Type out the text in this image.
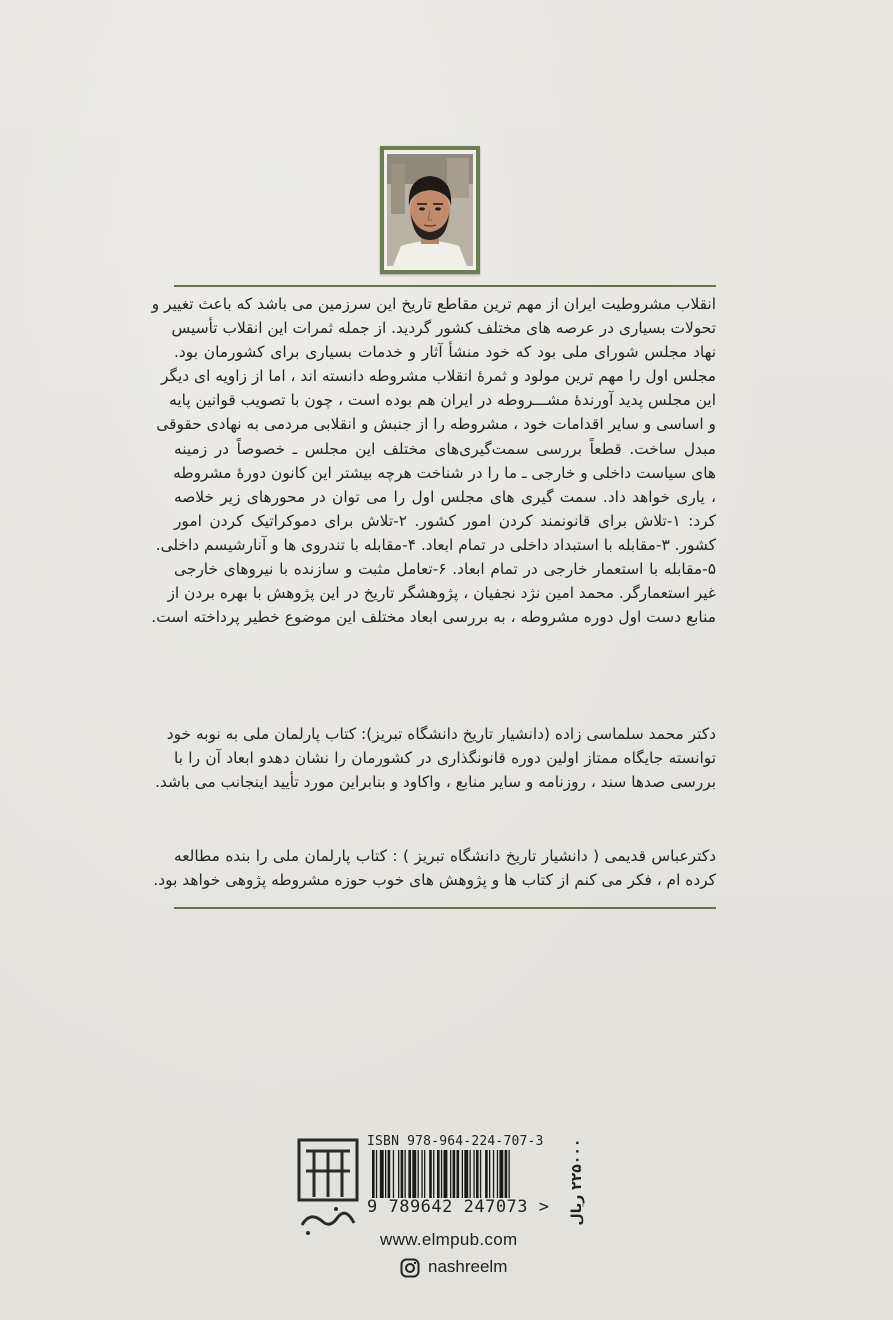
انقلاب مشروطیت ایران از مهم ترین مقاطع تاریخ این سرزمین می باشد که باعث تغییر و
تحولات بسیاری در عرصه های مختلف کشور گردید. از جمله ثمرات این انقلاب تأسیس
نهاد مجلس شورای ملی بود که خود منشأ آثار و خدمات بسیاری برای کشورمان بود.
مجلس اول را مهم ترین مولود و ثمرهٔ انقلاب مشروطه دانسته اند ، اما از زاویه ای دیگر
این مجلس پدید آورندهٔ مشـــروطه در ایران هم بوده است ، چون با تصویب قوانین پایه
و اساسی و سایر اقدامات خود ، مشروطه را از جنبش و انقلابی مردمی به نهادی حقوقی
مبدل ساخت. قطعاً بررسی سمت‌گیری‌های مختلف این مجلس ـ خصوصاً در زمینه
های سیاست داخلی و خارجی ـ ما را در شناخت هرچه بیشتر این کانون دورهٔ مشروطه
، یاری خواهد داد. سمت گیری های مجلس اول را می توان در محورهای زیر خلاصه
کرد: ۱-تلاش برای قانونمند کردن امور کشور. ۲-تلاش برای دموکراتیک کردن امور
کشور. ۳-مقابله با استبداد داخلی در تمام ابعاد. ۴-مقابله با تندروی ها و آنارشیسم داخلی.
۵-مقابله با استعمار خارجی در تمام ابعاد. ۶-تعامل مثبت و سازنده با نیروهای خارجی
غیر استعمارگر. محمد امین نژد نجفیان ، پژوهشگر تاریخ در این پژوهش با بهره بردن از
منابع دست اول دوره مشروطه ، به بررسی ابعاد مختلف این موضوع خطیر پرداخته است.
دکتر محمد سلماسی زاده (دانشیار تاریخ دانشگاه تبریز): کتاب پارلمان ملی به نوبه خود
توانسته جایگاه ممتاز اولین دوره قانونگذاری در کشورمان را نشان دهدو ابعاد آن را با
بررسی صدها سند ، روزنامه و سایر منابع ، واکاود و بنابراین مورد تأیید اینجانب می باشد.
دکترعباس قدیمی ( دانشیار تاریخ دانشگاه تبریز ) : کتاب پارلمان ملی را بنده مطالعه
کرده ام ، فکر می کنم از کتاب ها و پژوهش های خوب حوزه مشروطه پژوهی خواهد بود.
ISBN 978-964-224-707-3
9 789642 247073 > ۲۲۵۰۰۰ ریال
www.elmpub.com
nashreelm
